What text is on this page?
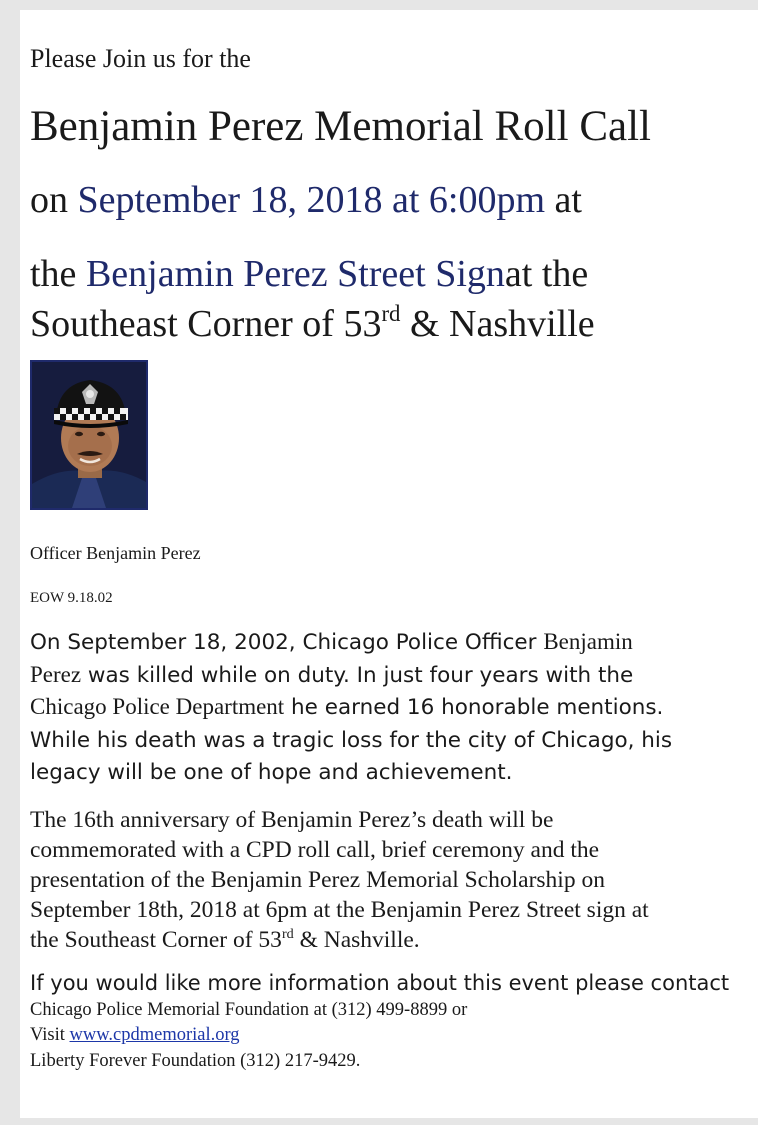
Please Join us for the
Benjamin Perez Memorial Roll Call
on September 18, 2018 at 6:00pm at
the Benjamin Perez Street Signat the
Southeast Corner of 53rd & Nashville
Officer Benjamin Perez
EOW 9.18.02
On September 18, 2002, Chicago Police Officer Benjamin
Perez was killed while on duty. In just four years with the
Chicago Police Department he earned 16 honorable mentions.
While his death was a tragic loss for the city of Chicago, his
legacy will be one of hope and achievement.
The 16th anniversary of Benjamin Perez’s death will be
commemorated with a CPD roll call, brief ceremony and the
presentation of the Benjamin Perez Memorial Scholarship on
September 18th, 2018 at 6pm at the Benjamin Perez Street sign at
the Southeast Corner of 53rd & Nashville.
If you would like more information about this event please contact
Chicago Police Memorial Foundation at (312) 499-8899 or
Visit www.cpdmemorial.org
Liberty Forever Foundation (312) 217-9429.
